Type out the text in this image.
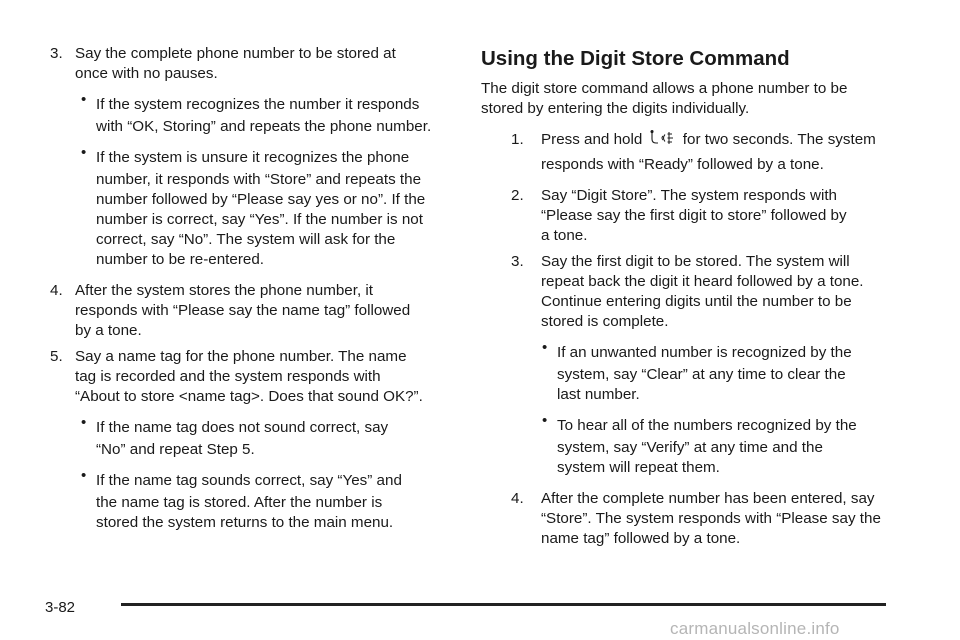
3. Say the complete phone number to be stored at
once with no pauses.
• If the system recognizes the number it responds
with “OK, Storing” and repeats the phone number.
• If the system is unsure it recognizes the phone
number, it responds with “Store” and repeats the
number followed by “Please say yes or no”. If the
number is correct, say “Yes”. If the number is not
correct, say “No”. The system will ask for the
number to be re-entered.
4. After the system stores the phone number, it
responds with “Please say the name tag” followed
by a tone.
5. Say a name tag for the phone number. The name
tag is recorded and the system responds with
“About to store <name tag>. Does that sound OK?”.
• If the name tag does not sound correct, say
“No” and repeat Step 5.
• If the name tag sounds correct, say “Yes” and
the name tag is stored. After the number is
stored the system returns to the main menu.
Using the Digit Store Command
The digit store command allows a phone number to be
stored by entering the digits individually.
1. Press and hold	for two seconds. The system
responds with “Ready” followed by a tone.
2. Say “Digit Store”. The system responds with
“Please say the first digit to store” followed by
a tone.
3. Say the first digit to be stored. The system will
repeat back the digit it heard followed by a tone.
Continue entering digits until the number to be
stored is complete.
• If an unwanted number is recognized by the
system, say “Clear” at any time to clear the
last number.
• To hear all of the numbers recognized by the
system, say “Verify” at any time and the
system will repeat them.
4. After the complete number has been entered, say
“Store”. The system responds with “Please say the
name tag” followed by a tone.
3-82
carmanualsonline.info
